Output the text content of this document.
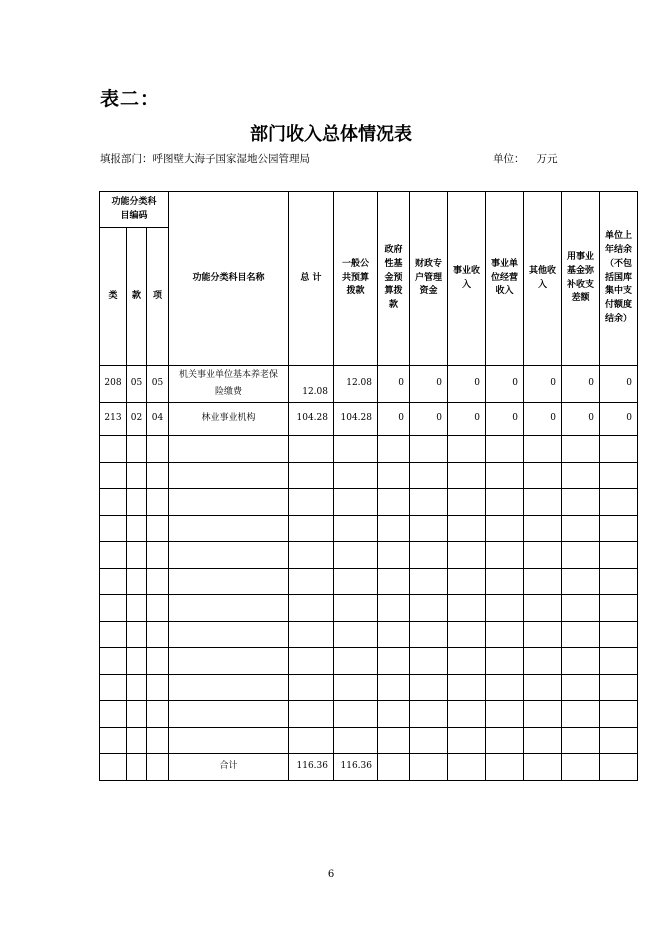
表二：
部门收入总体情况表
填报部门：呼图壁大海子国家湿地公园管理局	单位： 万元
功能分类科目编码			功能分类科目名称	总 计	一般公共预算拨款	政府性基金预算拨款	财政专户管理资金	事业收入	事业单位经营收入	其他收入	用事业基金弥补收支差额	单位上年结余（不包括国库集中支付额度结余）
类	款	项										
208	05	05	机关事业单位基本养老保险缴费	12.08	12.08	0	0	0	0	0	0	0
213	02	04	林业事业机构	104.28	104.28	0	0	0	0	0	0	0

			合计	116.36	116.36							
6
